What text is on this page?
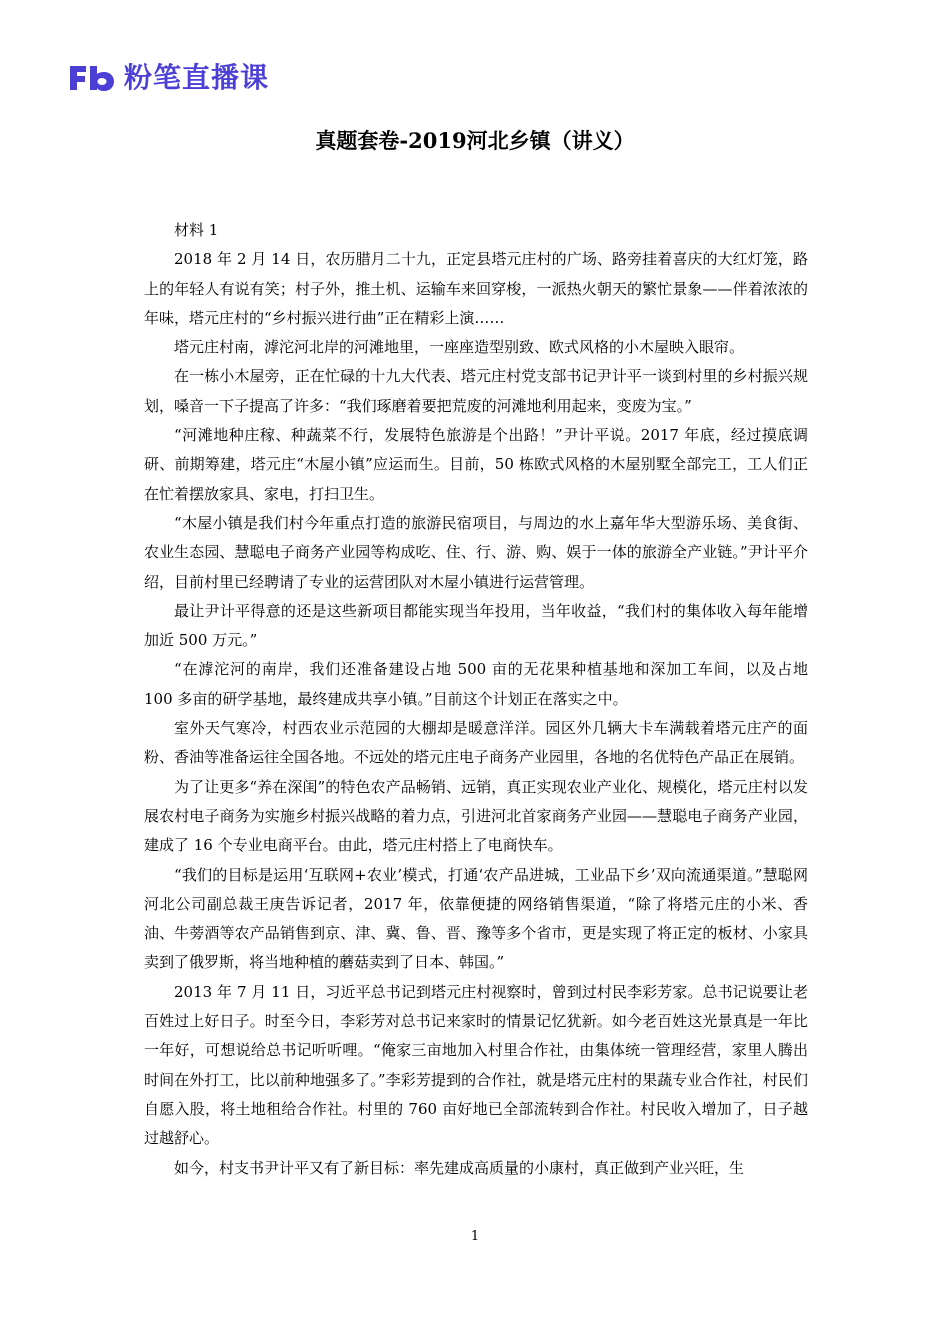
粉笔直播课
真题套卷-2019河北乡镇（讲义）

材料 1

2018 年 2 月 14 日，农历腊月二十九，正定县塔元庄村的广场、路旁挂着喜庆的大红灯笼，路上的年轻人有说有笑；村子外，推土机、运输车来回穿梭，一派热火朝天的繁忙景象——伴着浓浓的年味，塔元庄村的“乡村振兴进行曲”正在精彩上演……

塔元庄村南，滹沱河北岸的河滩地里，一座座造型别致、欧式风格的小木屋映入眼帘。

在一栋小木屋旁，正在忙碌的十九大代表、塔元庄村党支部书记尹计平一谈到村里的乡村振兴规划，嗓音一下子提高了许多：“我们琢磨着要把荒废的河滩地利用起来，变废为宝。”

“河滩地种庄稼、种蔬菜不行，发展特色旅游是个出路！”尹计平说。2017 年底，经过摸底调研、前期筹建，塔元庄“木屋小镇”应运而生。目前，50 栋欧式风格的木屋别墅全部完工，工人们正在忙着摆放家具、家电，打扫卫生。

“木屋小镇是我们村今年重点打造的旅游民宿项目，与周边的水上嘉年华大型游乐场、美食街、农业生态园、慧聪电子商务产业园等构成吃、住、行、游、购、娱于一体的旅游全产业链。”尹计平介绍，目前村里已经聘请了专业的运营团队对木屋小镇进行运营管理。

最让尹计平得意的还是这些新项目都能实现当年投用，当年收益，“我们村的集体收入每年能增加近 500 万元。”

“在滹沱河的南岸，我们还准备建设占地 500 亩的无花果种植基地和深加工车间，以及占地 100 多亩的研学基地，最终建成共享小镇。”目前这个计划正在落实之中。

室外天气寒冷，村西农业示范园的大棚却是暖意洋洋。园区外几辆大卡车满载着塔元庄产的面粉、香油等准备运往全国各地。不远处的塔元庄电子商务产业园里，各地的名优特色产品正在展销。

为了让更多“养在深闺”的特色农产品畅销、远销，真正实现农业产业化、规模化，塔元庄村以发展农村电子商务为实施乡村振兴战略的着力点，引进河北首家商务产业园——慧聪电子商务产业园，建成了 16 个专业电商平台。由此，塔元庄村搭上了电商快车。

“我们的目标是运用‘互联网+农业’模式，打通‘农产品进城，工业品下乡’双向流通渠道。”慧聪网河北公司副总裁王庚告诉记者，2017 年，依靠便捷的网络销售渠道，“除了将塔元庄的小米、香油、牛蒡酒等农产品销售到京、津、冀、鲁、晋、豫等多个省市，更是实现了将正定的板材、小家具卖到了俄罗斯，将当地种植的蘑菇卖到了日本、韩国。”

2013 年 7 月 11 日，习近平总书记到塔元庄村视察时，曾到过村民李彩芳家。总书记说要让老百姓过上好日子。时至今日，李彩芳对总书记来家时的情景记忆犹新。如今老百姓这光景真是一年比一年好，可想说给总书记听听哩。“俺家三亩地加入村里合作社，由集体统一管理经营，家里人腾出时间在外打工，比以前种地强多了。”李彩芳提到的合作社，就是塔元庄村的果蔬专业合作社，村民们自愿入股，将土地租给合作社。村里的 760 亩好地已全部流转到合作社。村民收入增加了，日子越过越舒心。

如今，村支书尹计平又有了新目标：率先建成高质量的小康村，真正做到产业兴旺，生

1
